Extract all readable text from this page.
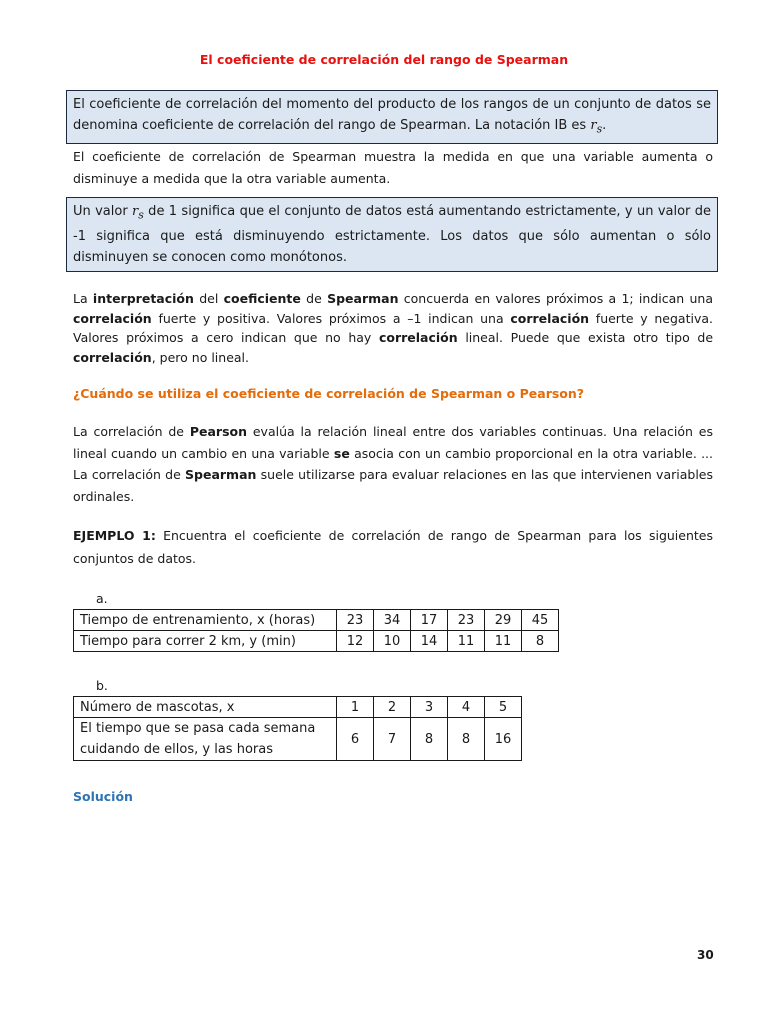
El coeficiente de correlación del rango de Spearman
El coeficiente de correlación del momento del producto de los rangos de un conjunto de datos se denomina coeficiente de correlación del rango de Spearman. La notación IB es $r_s$.
El coeficiente de correlación de Spearman muestra la medida en que una variable aumenta o disminuye a medida que la otra variable aumenta.
Un valor $r_s$ de 1 significa que el conjunto de datos está aumentando estrictamente, y un valor de -1 significa que está disminuyendo estrictamente. Los datos que sólo aumentan o sólo disminuyen se conocen como monótonos.
La interpretación del coeficiente de Spearman concuerda en valores próximos a 1; indican una correlación fuerte y positiva. Valores próximos a –1 indican una correlación fuerte y negativa. Valores próximos a cero indican que no hay correlación lineal. Puede que exista otro tipo de correlación, pero no lineal.
¿Cuándo se utiliza el coeficiente de correlación de Spearman o Pearson?
La correlación de Pearson evalúa la relación lineal entre dos variables continuas. Una relación es lineal cuando un cambio en una variable se asocia con un cambio proporcional en la otra variable. ... La correlación de Spearman suele utilizarse para evaluar relaciones en las que intervienen variables ordinales.
EJEMPLO 1: Encuentra el coeficiente de correlación de rango de Spearman para los siguientes conjuntos de datos.
a.
Tiempo de entrenamiento, x (horas)	23	34	17	23	29	45
Tiempo para correr 2 km, y (min)	12	10	14	11	11	8
b.
Número de mascotas, x	1	2	3	4	5
El tiempo que se pasa cada semana
cuidando de ellos, y las horas	6	7	8	8	16
Solución
30
